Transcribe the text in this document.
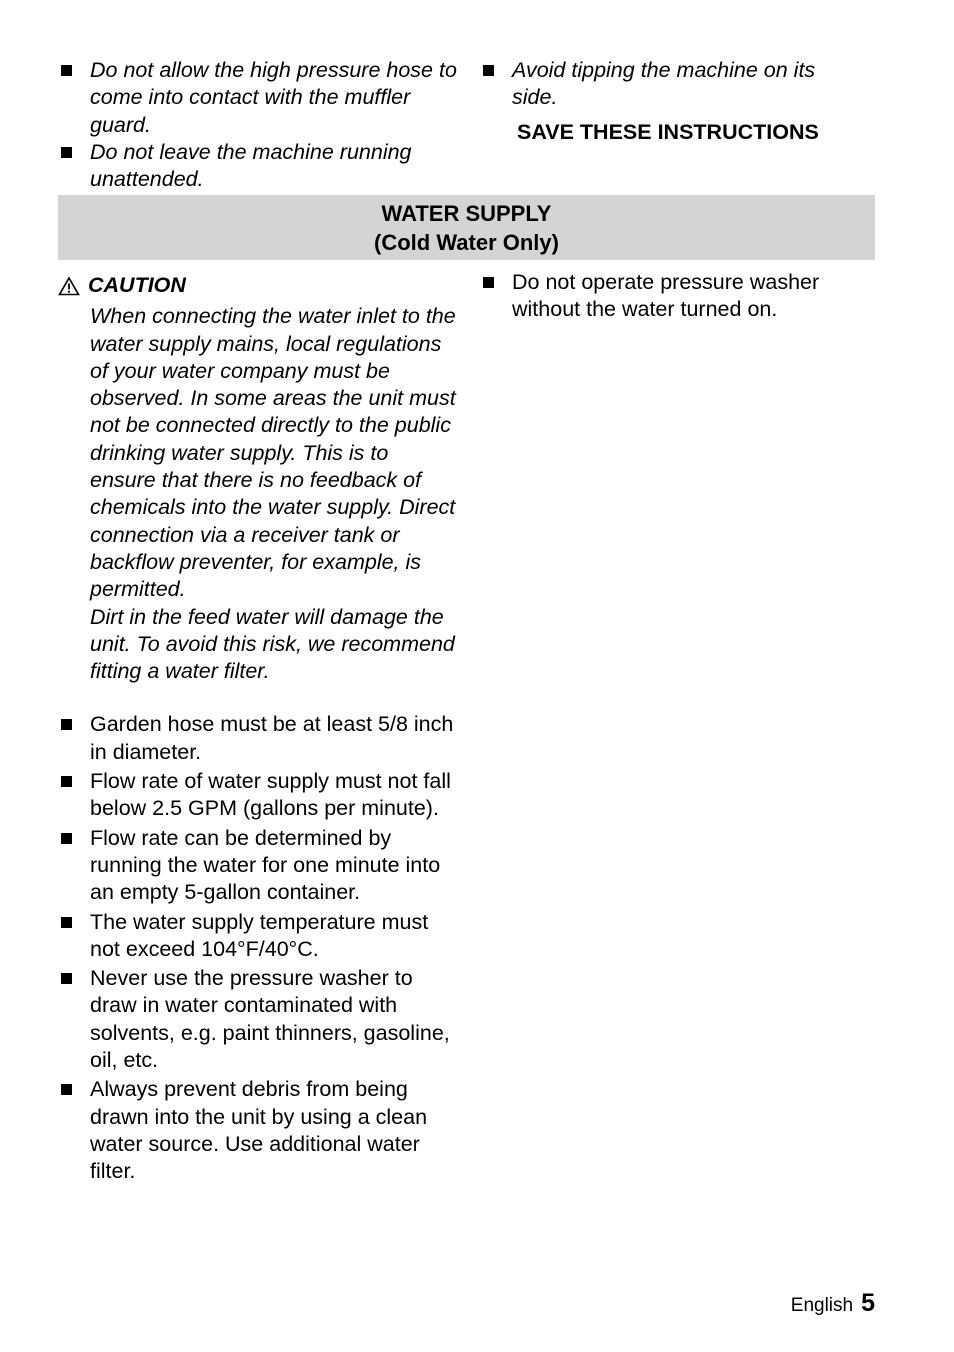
Do not allow the high pressure hose to come into contact with the muffler guard.
Do not leave the machine running unattended.
Avoid tipping the machine on its side.
SAVE THESE INSTRUCTIONS
WATER SUPPLY
(Cold Water Only)
CAUTION
When connecting the water inlet to the water supply mains, local regulations of your water company must be observed. In some areas the unit must not be connected directly to the public drinking water supply. This is to ensure that there is no feedback of chemicals into the water supply. Direct connection via a receiver tank or backflow preventer, for example, is permitted.
Dirt in the feed water will damage the unit. To avoid this risk, we recommend fitting a water filter.
Garden hose must be at least 5/8 inch in diameter.
Flow rate of water supply must not fall below 2.5 GPM (gallons per minute).
Flow rate can be determined by running the water for one minute into an empty 5-gallon container.
The water supply temperature must not exceed 104°F/40°C.
Never use the pressure washer to draw in water contaminated with solvents, e.g. paint thinners, gasoline, oil, etc.
Always prevent debris from being drawn into the unit by using a clean water source. Use additional water filter.
Do not operate pressure washer without the water turned on.
English 5
